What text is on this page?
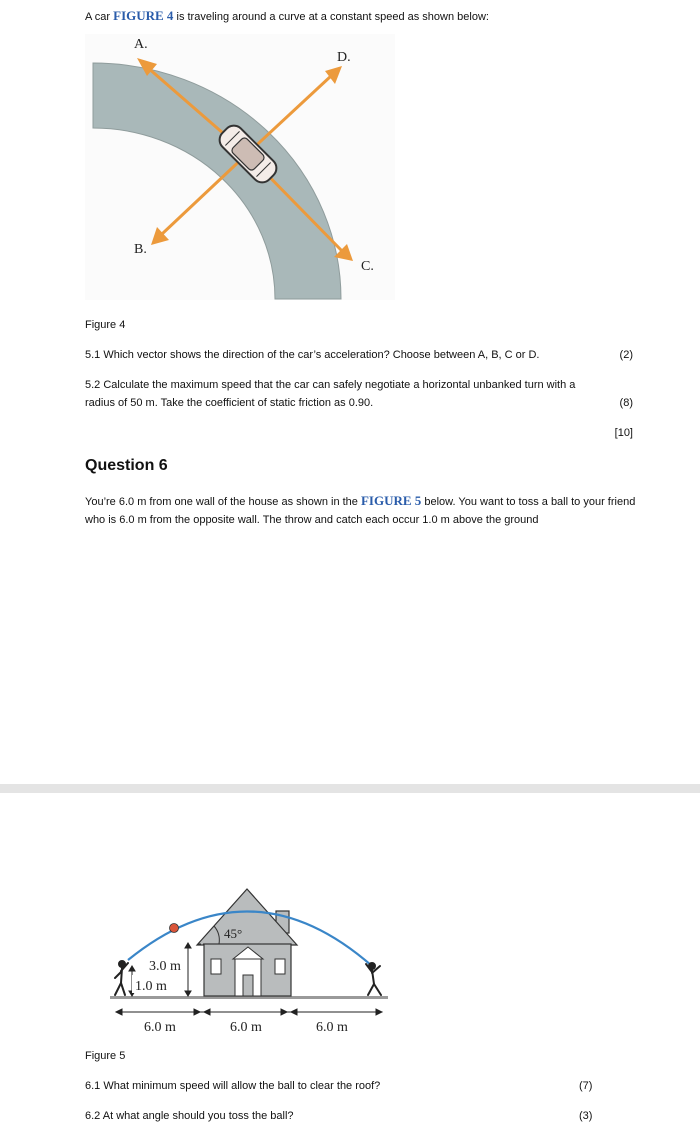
A car FIGURE 4 is traveling around a curve at a constant speed as shown below:
A.
D.
B.
C.
Figure 4
5.1 Which vector shows the direction of the car’s acceleration? Choose between A, B, C or D.	(2)
5.2 Calculate the maximum speed that the car can safely negotiate a horizontal unbanked turn with a
radius of 50 m. Take the coefficient of static friction as 0.90.	(8)
[10]
Question 6
You’re 6.0 m from one wall of the house as shown in the FIGURE 5 below. You want to toss a ball to your friend who is 6.0 m from the opposite wall. The throw and catch each occur 1.0 m above the ground
45°
3.0 m
1.0 m
6.0 m	6.0 m	6.0 m
Figure 5
6.1 What minimum speed will allow the ball to clear the roof?	(7)
6.2 At what angle should you toss the ball?	(3)
